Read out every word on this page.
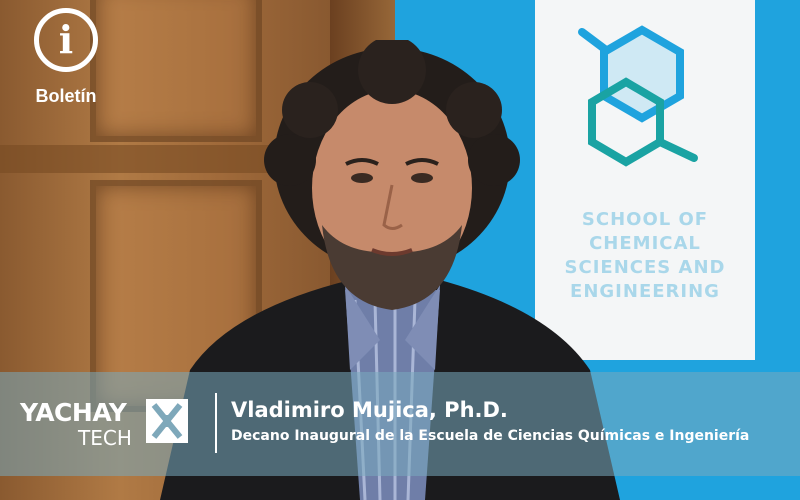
SCHOOL OF
CHEMICAL
SCIENCES AND
ENGINEERING
i
Boletín
YACHAY
TECH
Vladimiro Mujica, Ph.D.
Decano Inaugural de la Escuela de Ciencias Químicas e Ingeniería
